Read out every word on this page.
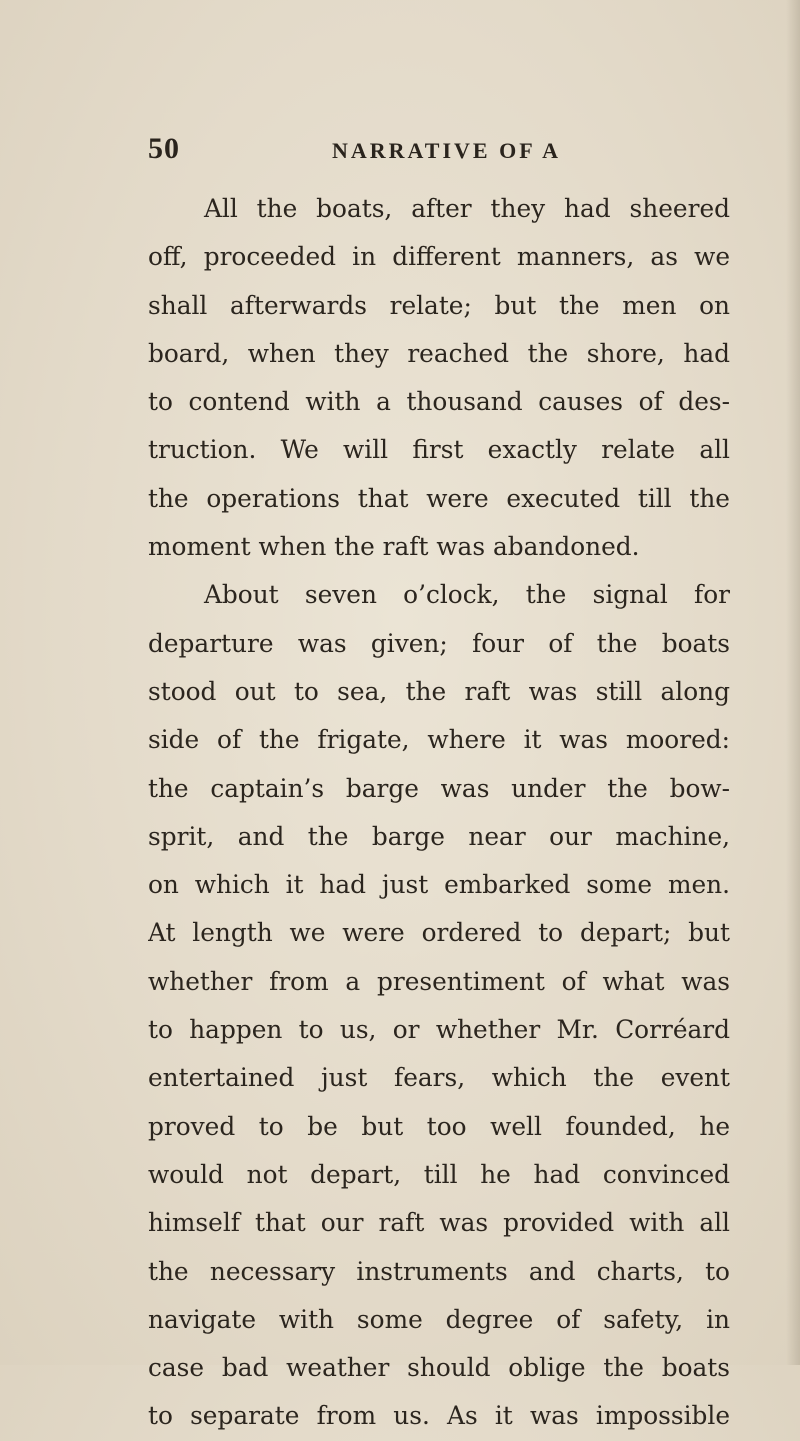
50	NARRATIVE OF A
All the boats, after they had sheered
off, proceeded in different manners, as we
shall afterwards relate; but the men on
board, when they reached the shore, had
to contend with a thousand causes of des-
truction. We will first exactly relate all
the operations that were executed till the
moment when the raft was abandoned.
About seven o’clock, the signal for
departure was given; four of the boats
stood out to sea, the raft was still along
side of the frigate, where it was moored:
the captain’s barge was under the bow-
sprit, and the barge near our machine,
on which it had just embarked some men.
At length we were ordered to depart; but
whether from a presentiment of what was
to happen to us, or whether Mr. Corréard
entertained just fears, which the event
proved to be but too well founded, he
would not depart, till he had convinced
himself that our raft was provided with all
the necessary instruments and charts, to
navigate with some degree of safety, in
case bad weather should oblige the boats
to separate from us. As it was impossible
